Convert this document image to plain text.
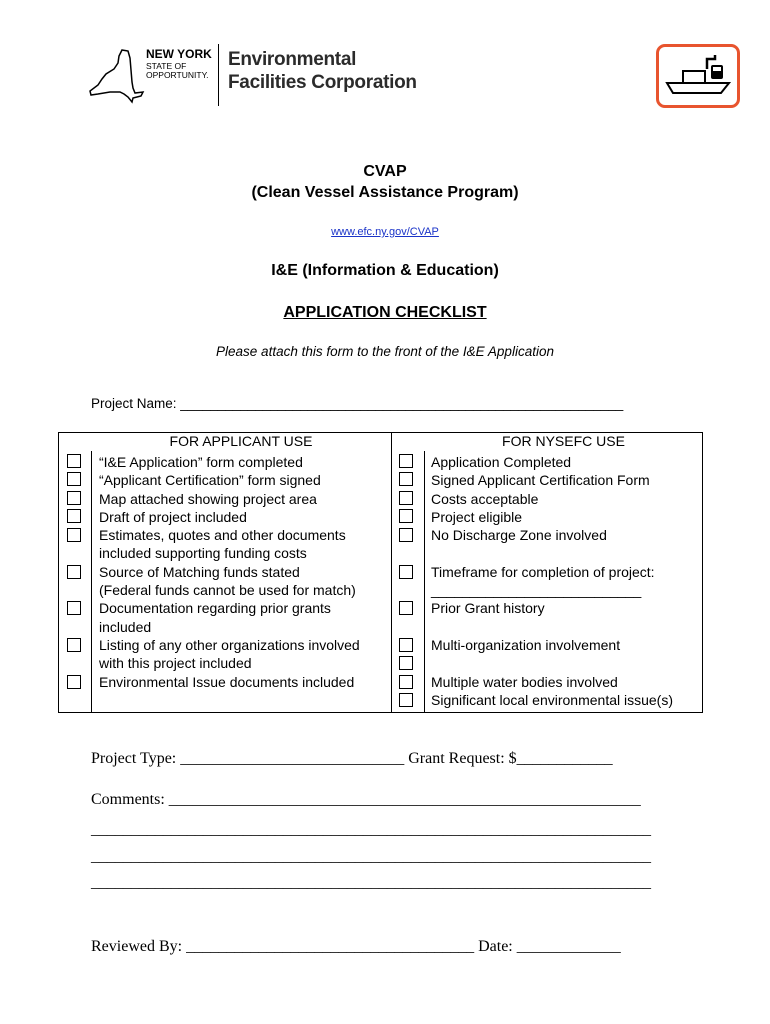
NEW YORK
STATE OF
OPPORTUNITY.
Environmental
Facilities Corporation
CVAP
(Clean Vessel Assistance Program)
www.efc.ny.gov/CVAP
I&E (Information & Education)
APPLICATION CHECKLIST
Please attach this form to the front of the I&E Application
Project Name: ___________________________________________________________
FOR APPLICANT USE	FOR NYSEFC USE
“I&E Application” form completed
“Applicant Certification” form signed
Map attached showing project area
Draft of project included
Estimates, quotes and other documents
included supporting funding costs
Source of Matching funds stated
(Federal funds cannot be used for match)
Documentation regarding prior grants
included
Listing of any other organizations involved
with this project included
Environmental Issue documents included
Application Completed
Signed Applicant Certification Form
Costs acceptable
Project eligible
No Discharge Zone involved
Timeframe for completion of project:
___________________________
Prior Grant history
Multi-organization involvement
Multiple water bodies involved
Significant local environmental issue(s)
Project Type: ____________________________ Grant Request: $____________
Comments: ___________________________________________________________
______________________________________________________________________
______________________________________________________________________
______________________________________________________________________
Reviewed By: ____________________________________ Date: _____________
